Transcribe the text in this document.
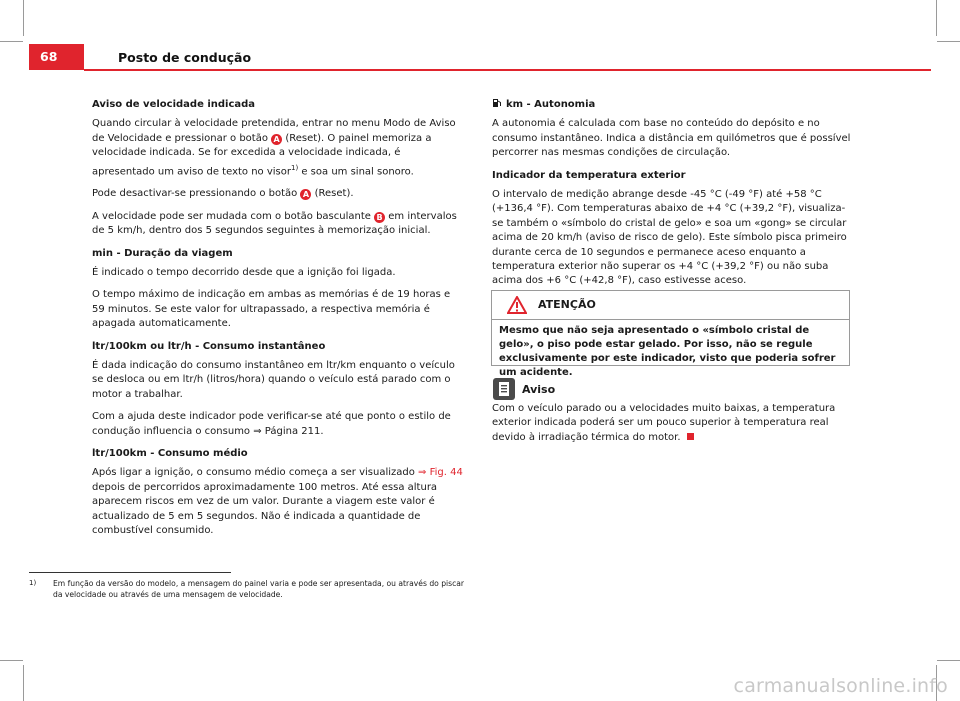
68	Posto de condução
Aviso de velocidade indicada

Quando circular à velocidade pretendida, entrar no menu Modo de Aviso de Velocidade e pressionar o botão A (Reset). O painel memoriza a velocidade indicada. Se for excedida a velocidade indicada, é apresentado um aviso de texto no visor$^{1)}$ e soa um sinal sonoro.

Pode desactivar-se pressionando o botão A (Reset).

A velocidade pode ser mudada com o botão basculante B em intervalos de 5 km/h, dentro dos 5 segundos seguintes à memorização inicial.

min - Duração da viagem

É indicado o tempo decorrido desde que a ignição foi ligada.

O tempo máximo de indicação em ambas as memórias é de 19 horas e 59 minutos. Se este valor for ultrapassado, a respectiva memória é apagada automaticamente.

ltr/100km ou ltr/h - Consumo instantâneo

É dada indicação do consumo instantâneo em ltr/km enquanto o veículo se desloca ou em ltr/h (litros/hora) quando o veículo está parado com o motor a trabalhar.

Com a ajuda deste indicador pode verificar-se até que ponto o estilo de condução influencia o consumo ⇒ Página 211.

ltr/100km - Consumo médio

Após ligar a ignição, o consumo médio começa a ser visualizado ⇒ Fig. 44 depois de percorridos aproximadamente 100 metros. Até essa altura aparecem riscos em vez de um valor. Durante a viagem este valor é actualizado de 5 em 5 segundos. Não é indicada a quantidade de combustível consumido.

km - Autonomia

A autonomia é calculada com base no conteúdo do depósito e no consumo instantâneo. Indica a distância em quilómetros que é possível percorrer nas mesmas condições de circulação.

Indicador da temperatura exterior

O intervalo de medição abrange desde -45 °C (-49 °F) até +58 °C (+136,4 °F). Com temperaturas abaixo de +4 °C (+39,2 °F), visualiza-se também o «símbolo do cristal de gelo» e soa um «gong» se circular acima de 20 km/h (aviso de risco de gelo). Este símbolo pisca primeiro durante cerca de 10 segundos e permanece aceso enquanto a temperatura exterior não superar os +4 °C (+39,2 °F) ou não suba acima dos +6 °C (+42,8 °F), caso estivesse aceso.

ATENÇÃO
Mesmo que não seja apresentado o «símbolo cristal de gelo», o piso pode estar gelado. Por isso, não se regule exclusivamente por este indicador, visto que poderia sofrer um acidente.
Aviso

Com o veículo parado ou a velocidades muito baixas, a temperatura exterior indicada poderá ser um pouco superior à temperatura real devido à irradiação térmica do motor.

1) Em função da versão do modelo, a mensagem do painel varia e pode ser apresentada, ou através do piscar da velocidade ou através de uma mensagem de velocidade.
carmanualsonline.info
